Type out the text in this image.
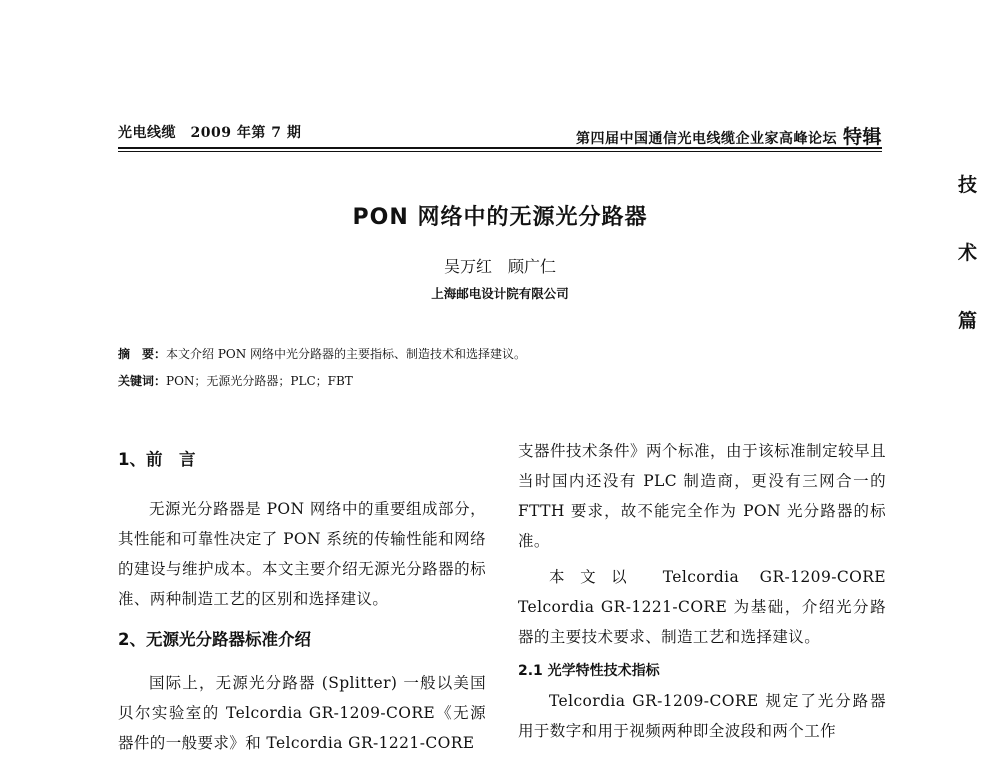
光电线缆　2009 年第 7 期	第四届中国通信光电线缆企业家高峰论坛 特辑
技
术
篇
PON 网络中的无源光分路器
吴万红　顾广仁
上海邮电设计院有限公司
摘　要：本文介绍 PON 网络中光分路器的主要指标、制造技术和选择建议。
关键词：PON；无源光分路器；PLC；FBT

1、前　言

无源光分路器是 PON 网络中的重要组成部分，其性能和可靠性决定了 PON 系统的传输性能和网络的建设与维护成本。本文主要介绍无源光分路器的标准、两种制造工艺的区别和选择建议。

2、无源光分路器标准介绍

国际上，无源光分路器 (Splitter) 一般以美国贝尔实验室的 Telcordia GR-1209-CORE《无源器件的一般要求》和 Telcordia GR-1221-CORE

支器件技术条件》两个标准，由于该标准制定较早且当时国内还没有 PLC 制造商，更没有三网合一的 FTTH 要求，故不能完全作为 PON 光分路器的标准。

本文以 Telcordia GR-1209-CORE Telcordia GR-1221-CORE 为基础，介绍光分路器的主要技术要求、制造工艺和选择建议。

2.1 光学特性技术指标

Telcordia GR-1209-CORE 规定了光分路器用于数字和用于视频两种即全波段和两个工作
